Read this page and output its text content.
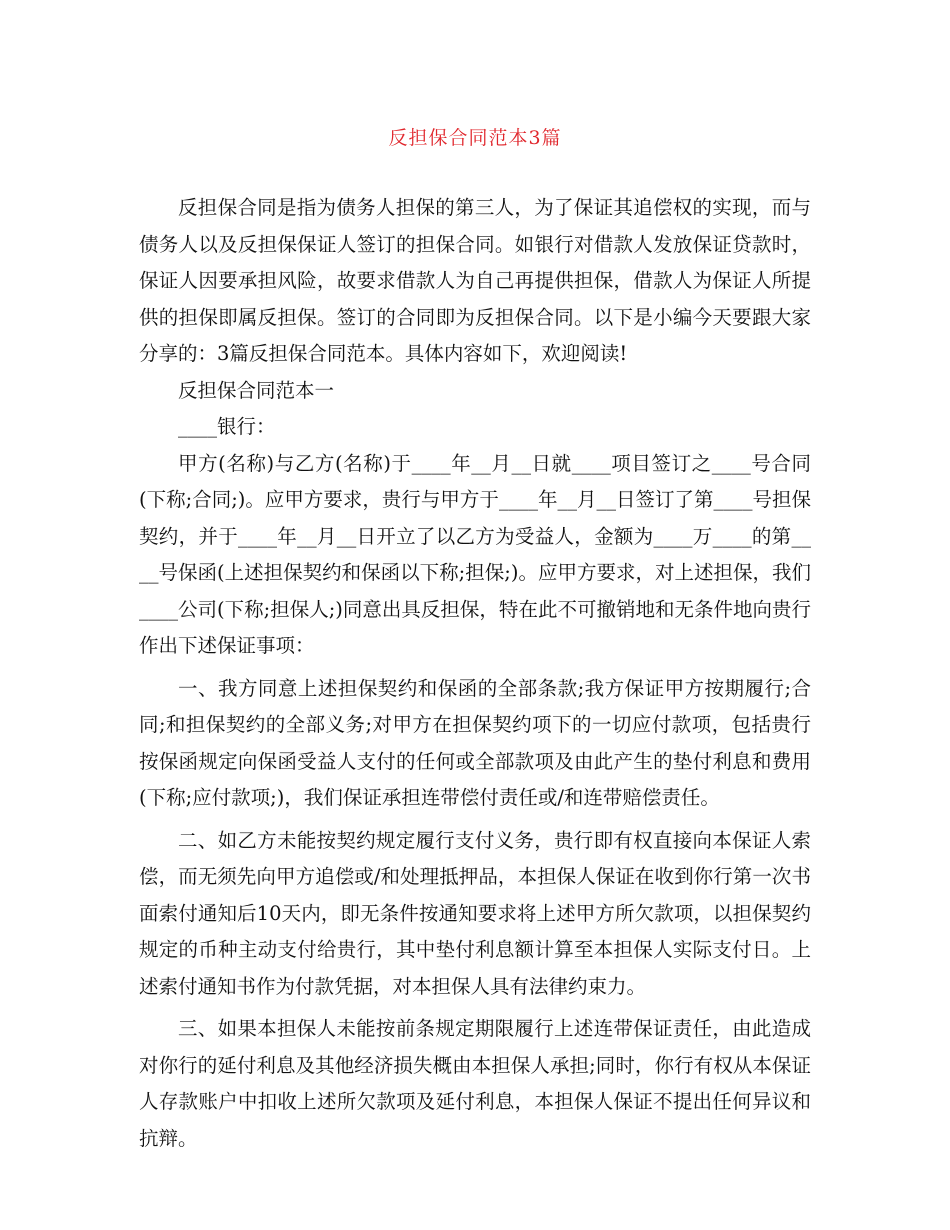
反担保合同范本3篇

反担保合同是指为债务人担保的第三人，为了保证其追偿权的实现，而与债务人以及反担保保证人签订的担保合同。如银行对借款人发放保证贷款时，保证人因要承担风险，故要求借款人为自己再提供担保，借款人为保证人所提供的担保即属反担保。签订的合同即为反担保合同。以下是小编今天要跟大家分享的：3篇反担保合同范本。具体内容如下，欢迎阅读!

反担保合同范本一

____银行：

甲方(名称)与乙方(名称)于____年__月__日就____项目签订之____号合同(下称;合同;)。应甲方要求，贵行与甲方于____年__月__日签订了第____号担保契约，并于____年__月__日开立了以乙方为受益人，金额为____万____的第____号保函(上述担保契约和保函以下称;担保;)。应甲方要求，对上述担保，我们____公司(下称;担保人;)同意出具反担保，特在此不可撤销地和无条件地向贵行作出下述保证事项：

一、我方同意上述担保契约和保函的全部条款;我方保证甲方按期履行;合同;和担保契约的全部义务;对甲方在担保契约项下的一切应付款项，包括贵行按保函规定向保函受益人支付的任何或全部款项及由此产生的垫付利息和费用(下称;应付款项;)，我们保证承担连带偿付责任或/和连带赔偿责任。

二、如乙方未能按契约规定履行支付义务，贵行即有权直接向本保证人索偿，而无须先向甲方追偿或/和处理抵押品，本担保人保证在收到你行第一次书面索付通知后10天内，即无条件按通知要求将上述甲方所欠款项，以担保契约规定的币种主动支付给贵行，其中垫付利息额计算至本担保人实际支付日。上述索付通知书作为付款凭据，对本担保人具有法律约束力。

三、如果本担保人未能按前条规定期限履行上述连带保证责任，由此造成对你行的延付利息及其他经济损失概由本担保人承担;同时，你行有权从本保证人存款账户中扣收上述所欠款项及延付利息，本担保人保证不提出任何异议和抗辩。
